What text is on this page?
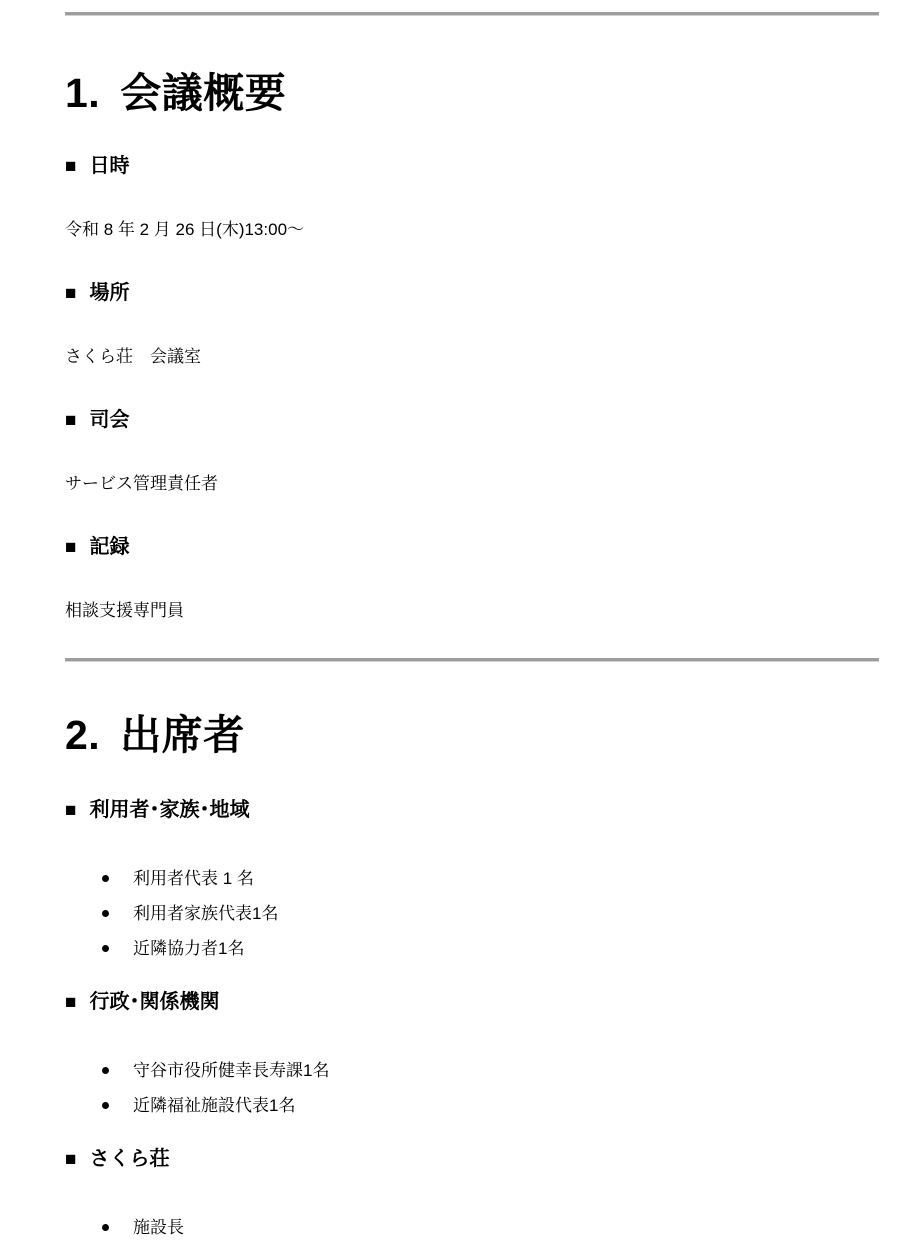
1. 会議概要
■ 日時

令和 8 年 2 月 26 日(木)13:00～

■ 場所

さくら荘　会議室

■ 司会

サービス管理責任者

■ 記録

相談支援専門員

2. 出席者
■ 利用者･家族･地域
利用者代表 1 名
利用者家族代表1名
近隣協力者1名
■ 行政･関係機関
守谷市役所健幸長寿課1名
近隣福祉施設代表1名
■ さくら荘
施設長
